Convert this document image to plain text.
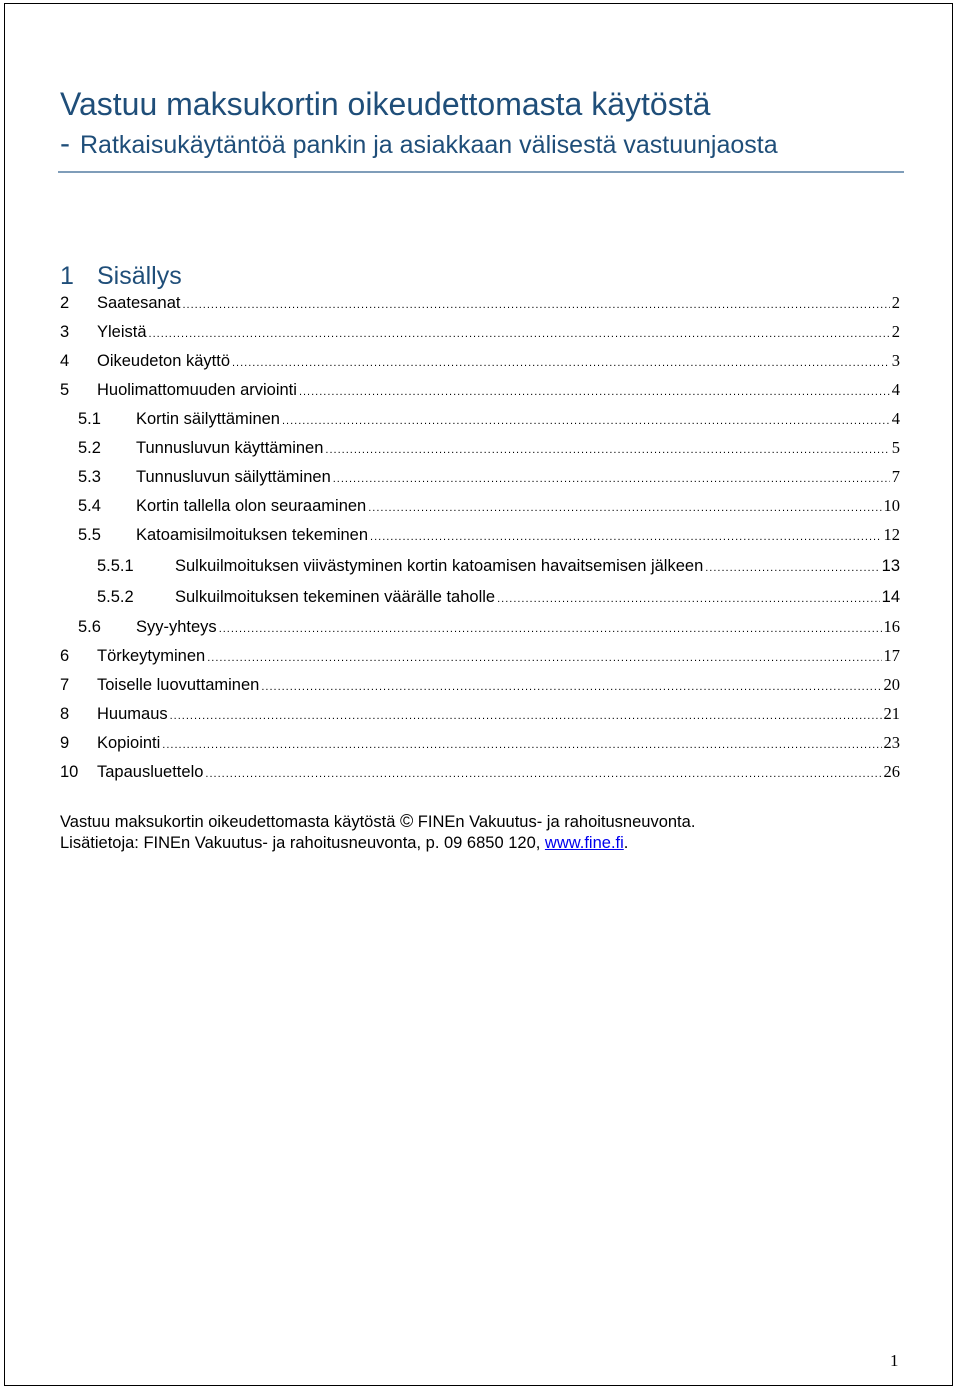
Vastuu maksukortin oikeudettomasta käytöstä
- Ratkaisukäytäntöä pankin ja asiakkaan välisestä vastuunjaosta
1 Sisällys
2	Saatesanat .....	2
3	Yleistä .....	2
4	Oikeudeton käyttö .....	3
5	Huolimattomuuden arviointi .....	4
5.1	Kortin säilyttäminen .....	4
5.2	Tunnusluvun käyttäminen .....	5
5.3	Tunnusluvun säilyttäminen .....	7
5.4	Kortin tallella olon seuraaminen .....	10
5.5	Katoamisilmoituksen tekeminen .....	12
5.5.1	Sulkuilmoituksen viivästyminen kortin katoamisen havaitsemisen jälkeen .....	13
5.5.2	Sulkuilmoituksen tekeminen väärälle taholle .....	14
5.6	Syy-yhteys .....	16
6	Törkeytyminen .....	17
7	Toiselle luovuttaminen .....	20
8	Huumaus .....	21
9	Kopiointi .....	23
10	Tapausluettelo .....	26
Vastuu maksukortin oikeudettomasta käytöstä © FINEn Vakuutus- ja rahoitusneuvonta.
Lisätietoja: FINEn Vakuutus- ja rahoitusneuvonta, p. 09 6850 120, www.fine.fi.
1
